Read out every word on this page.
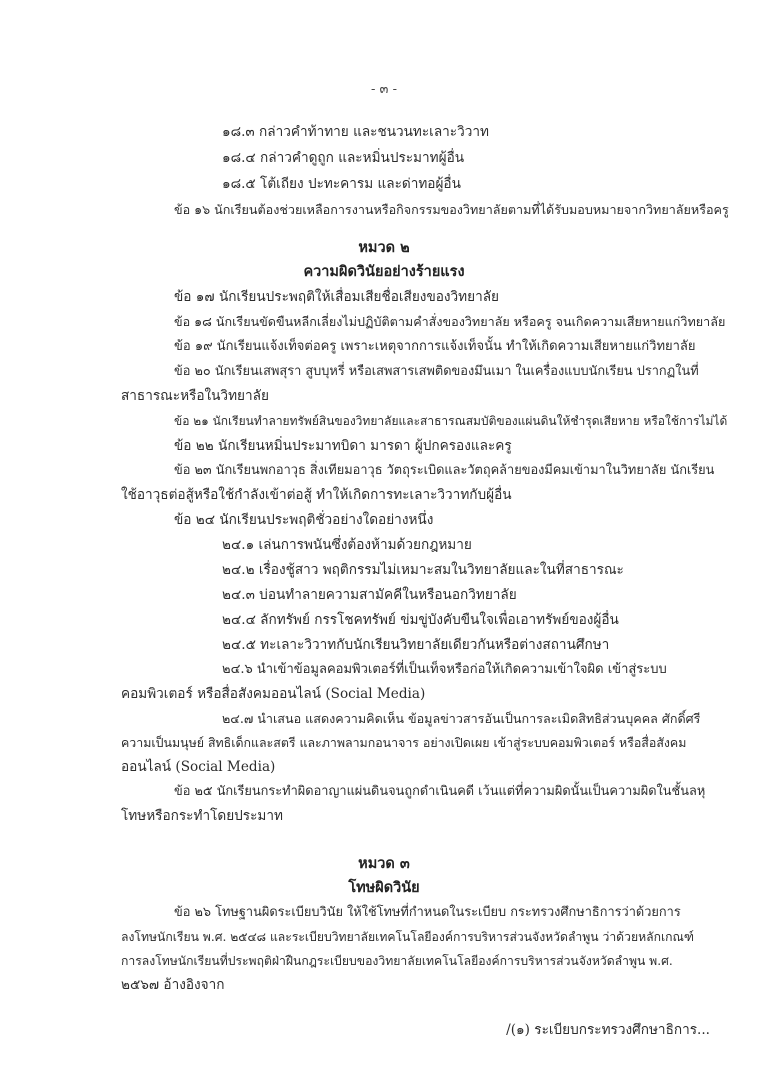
- ๓ -
๑๘.๓ กล่าวคำท้าทาย และชนวนทะเลาะวิวาท
๑๘.๔ กล่าวคำดูถูก และหมิ่นประมาทผู้อื่น
๑๘.๕ โต้เถียง ปะทะคารม และด่าทอผู้อื่น
ข้อ ๑๖ นักเรียนต้องช่วยเหลือการงานหรือกิจกรรมของวิทยาลัยตามที่ได้รับมอบหมายจากวิทยาลัยหรือครู
หมวด ๒
ความผิดวินัยอย่างร้ายแรง
ข้อ ๑๗ นักเรียนประพฤติให้เสื่อมเสียชื่อเสียงของวิทยาลัย
ข้อ ๑๘ นักเรียนขัดขืนหลีกเลี่ยงไม่ปฏิบัติตามคำสั่งของวิทยาลัย หรือครู จนเกิดความเสียหายแก่วิทยาลัย
ข้อ ๑๙ นักเรียนแจ้งเท็จต่อครู เพราะเหตุจากการแจ้งเท็จนั้น ทำให้เกิดความเสียหายแก่วิทยาลัย
ข้อ ๒๐ นักเรียนเสพสุรา สูบบุหรี่ หรือเสพสารเสพติดของมึนเมา ในเครื่องแบบนักเรียน ปรากฏในที่
สาธารณะหรือในวิทยาลัย
ข้อ ๒๑ นักเรียนทำลายทรัพย์สินของวิทยาลัยและสาธารณสมบัติของแผ่นดินให้ชำรุดเสียหาย หรือใช้การไม่ได้
ข้อ ๒๒ นักเรียนหมิ่นประมาทบิดา มารดา ผู้ปกครองและครู
ข้อ ๒๓ นักเรียนพกอาวุธ สิ่งเทียมอาวุธ วัตถุระเบิดและวัตถุคล้ายของมีคมเข้ามาในวิทยาลัย นักเรียน
ใช้อาวุธต่อสู้หรือใช้กำลังเข้าต่อสู้ ทำให้เกิดการทะเลาะวิวาทกับผู้อื่น
ข้อ ๒๔ นักเรียนประพฤติชั่วอย่างใดอย่างหนึ่ง
๒๔.๑ เล่นการพนันซึ่งต้องห้ามด้วยกฎหมาย
๒๔.๒ เรื่องชู้สาว พฤติกรรมไม่เหมาะสมในวิทยาลัยและในที่สาธารณะ
๒๔.๓ บ่อนทำลายความสามัคคีในหรือนอกวิทยาลัย
๒๔.๔ ลักทรัพย์ กรรโชคทรัพย์ ข่มขู่บังคับขืนใจเพื่อเอาทรัพย์ของผู้อื่น
๒๔.๕ ทะเลาะวิวาทกับนักเรียนวิทยาลัยเดียวกันหรือต่างสถานศึกษา
๒๔.๖ นำเข้าข้อมูลคอมพิวเตอร์ที่เป็นเท็จหรือก่อให้เกิดความเข้าใจผิด เข้าสู่ระบบ
คอมพิวเตอร์ หรือสื่อสังคมออนไลน์ (Social Media)
๒๔.๗ นำเสนอ แสดงความคิดเห็น ข้อมูลข่าวสารอันเป็นการละเมิดสิทธิส่วนบุคคล ศักดิ์ศรี
ความเป็นมนุษย์ สิทธิเด็กและสตรี และภาพลามกอนาจาร อย่างเปิดเผย เข้าสู่ระบบคอมพิวเตอร์ หรือสื่อสังคม
ออนไลน์ (Social Media)
ข้อ ๒๕ นักเรียนกระทำผิดอาญาแผ่นดินจนถูกดำเนินคดี เว้นแต่ที่ความผิดนั้นเป็นความผิดในชั้นลหุ
โทษหรือกระทำโดยประมาท
หมวด ๓
โทษผิดวินัย
ข้อ ๒๖ โทษฐานผิดระเบียบวินัย ให้ใช้โทษที่กำหนดในระเบียบ กระทรวงศึกษาธิการว่าด้วยการ
ลงโทษนักเรียน พ.ศ. ๒๕๔๘ และระเบียบวิทยาลัยเทคโนโลยีองค์การบริหารส่วนจังหวัดลำพูน ว่าด้วยหลักเกณฑ์
การลงโทษนักเรียนที่ประพฤติฝ่าฝืนกฎระเบียบของวิทยาลัยเทคโนโลยีองค์การบริหารส่วนจังหวัดลำพูน พ.ศ.
๒๕๖๗ อ้างอิงจาก
/(๑) ระเบียบกระทรวงศึกษาธิการ...
